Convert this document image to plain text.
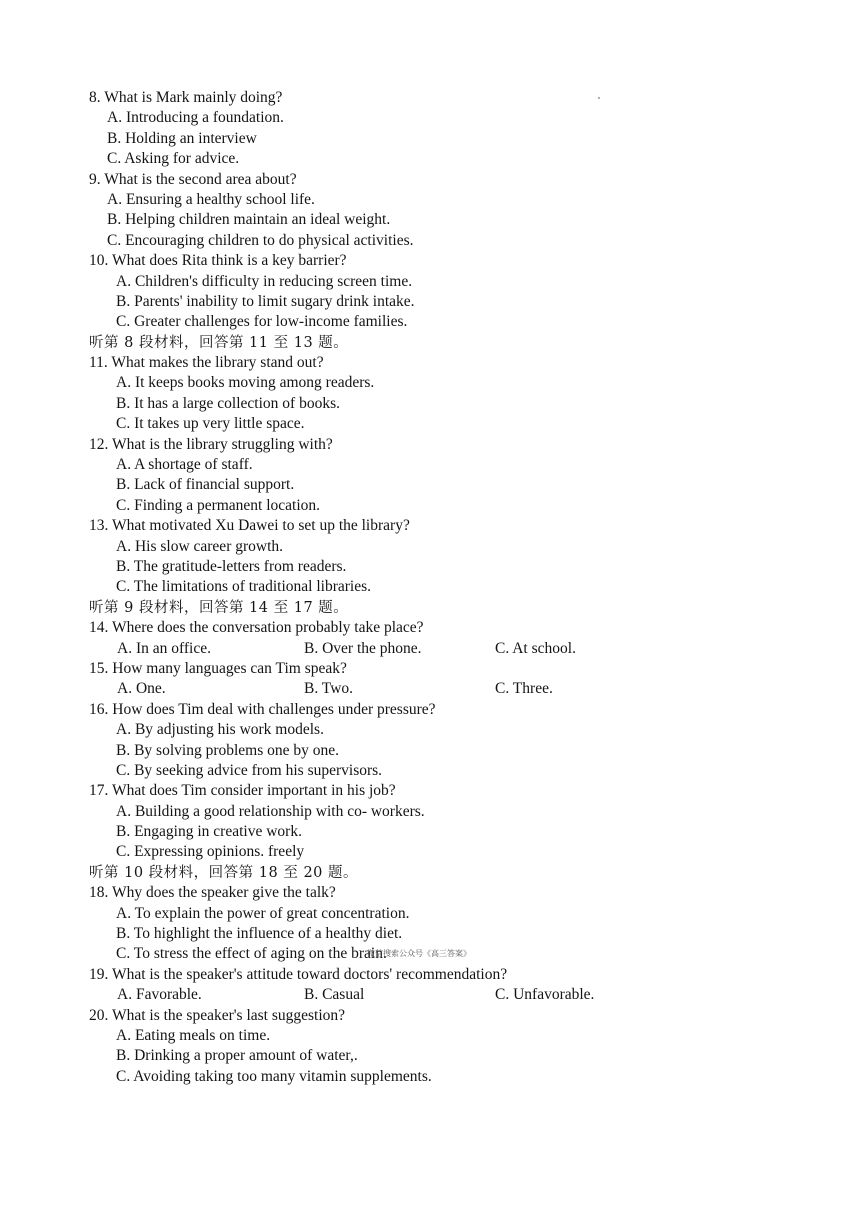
8. What is Mark mainly doing?
A. Introducing a foundation.
B. Holding an interview
C. Asking for advice.
9. What is the second area about?
A. Ensuring a healthy school life.
B. Helping children maintain an ideal weight.
C. Encouraging children to do physical activities.
10. What does Rita think is a key barrier?
A. Children's difficulty in reducing screen time.
B. Parents' inability to limit sugary drink intake.
C. Greater challenges for low-income families.
听第 8 段材料，回答第 11 至 13 题。
11. What makes the library stand out?
A. It keeps books moving among readers.
B. It has a large collection of books.
C. It takes up very little space.
12. What is the library struggling with?
A. A shortage of staff.
B. Lack of financial support.
C. Finding a permanent location.
13. What motivated Xu Dawei to set up the library?
A. His slow career growth.
B. The gratitude-letters from readers.
C. The limitations of traditional libraries.
听第 9 段材料，回答第 14 至 17 题。
14. Where does the conversation probably take place?
A. In an office.	B. Over the phone.	C. At school.
15. How many languages can Tim speak?
A. One.	B. Two.	C. Three.
16. How does Tim deal with challenges under pressure?
A. By adjusting his work models.
B. By solving problems one by one.
C. By seeking advice from his supervisors.
17. What does Tim consider important in his job?
A. Building a good relationship with co- workers.
B. Engaging in creative work.
C. Expressing opinions. freely
听第 10 段材料，回答第 18 至 20 题。
18. Why does the speaker give the talk?
A. To explain the power of great concentration.
B. To highlight the influence of a healthy diet.
C. To stress the effect of aging on the brain.
19. What is the speaker's attitude toward doctors' recommendation?
A. Favorable.	B. Casual	C. Unfavorable.
20. What is the speaker's last suggestion?
A. Eating meals on time.
B. Drinking a proper amount of water,.
C. Avoiding taking too many vitamin supplements.
微信搜索公众号《高三答案》
